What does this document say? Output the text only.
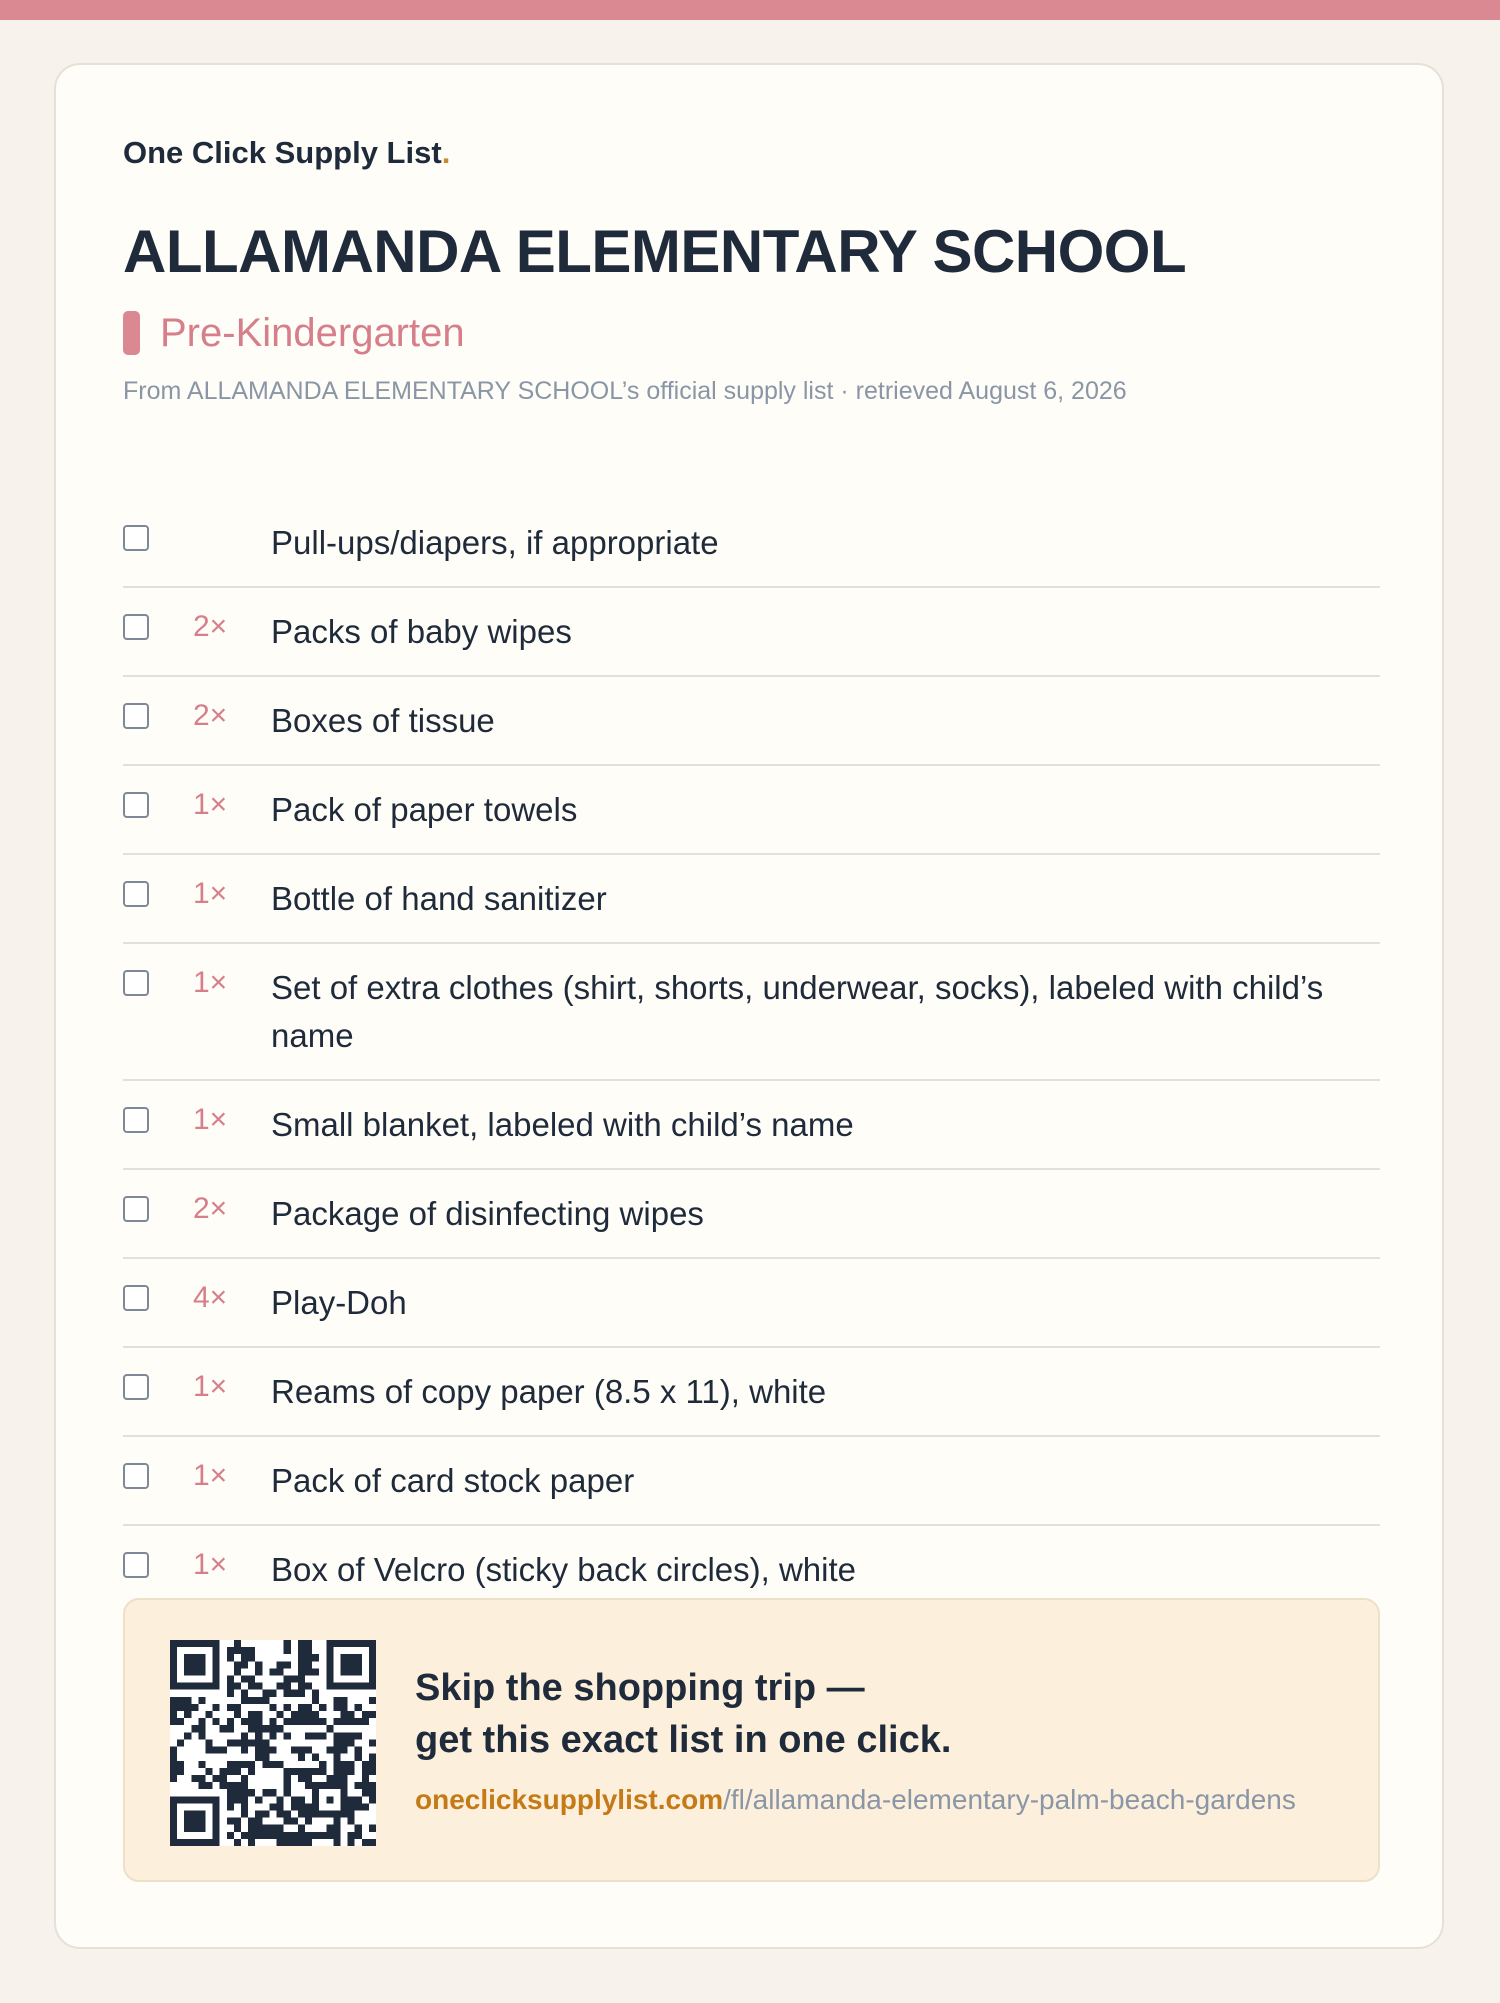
One Click Supply List.
ALLAMANDA ELEMENTARY SCHOOL
Pre-Kindergarten
From ALLAMANDA ELEMENTARY SCHOOL’s official supply list · retrieved August 6, 2026
Pull-ups/diapers, if appropriate
2×	Packs of baby wipes
2×	Boxes of tissue
1×	Pack of paper towels
1×	Bottle of hand sanitizer
1×	Set of extra clothes (shirt, shorts, underwear, socks), labeled with child’s name
1×	Small blanket, labeled with child’s name
2×	Package of disinfecting wipes
4×	Play-Doh
1×	Reams of copy paper (8.5 x 11), white
1×	Pack of card stock paper
1×	Box of Velcro (sticky back circles), white
Skip the shopping trip —
get this exact list in one click.
oneclicksupplylist.com/fl/allamanda-elementary-palm-beach-gardens
